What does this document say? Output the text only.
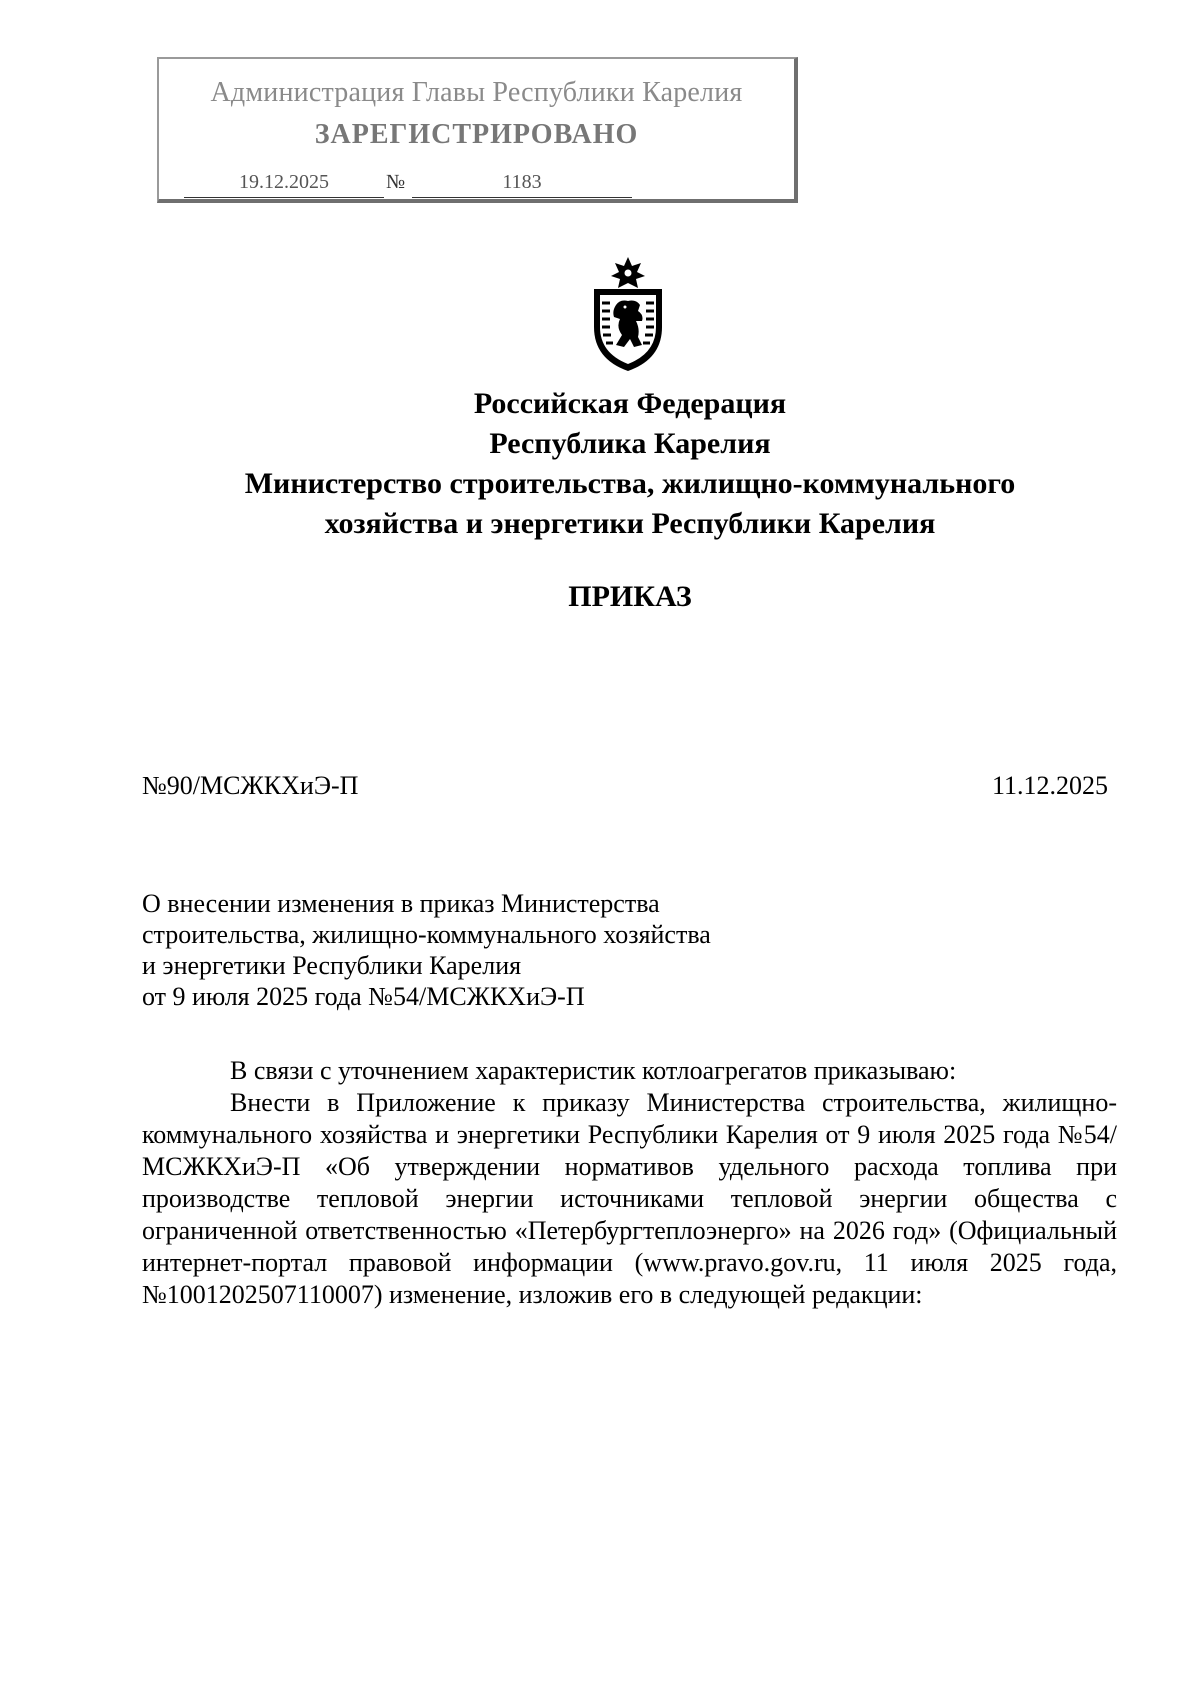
Администрация Главы Республики Карелия
ЗАРЕГИСТРИРОВАНО
19.12.2025	№	1183
Российская Федерация
Республика Карелия
Министерство строительства, жилищно-коммунального
хозяйства и энергетики Республики Карелия
ПРИКАЗ
№90/МСЖКХиЭ-П	11.12.2025
О внесении изменения в приказ Министерства
строительства, жилищно-коммунального хозяйства
и энергетики Республики Карелия
от 9 июля 2025 года №54/МСЖКХиЭ-П

В связи с уточнением характеристик котлоагрегатов приказываю:

Внести в Приложение к приказу Министерства строительства, жилищно-коммунального хозяйства и энергетики Республики Карелия от 9 июля 2025 года №54/МСЖКХиЭ-П «Об утверждении нормативов удельного расхода топлива при производстве тепловой энергии источниками тепловой энергии общества с ограниченной ответственностью «Петербургтеплоэнерго» на 2026 год» (Официальный интернет-портал правовой информации (www.pravo.gov.ru, 11 июля 2025 года, №1001202507110007) изменение, изложив его в следующей редакции:
